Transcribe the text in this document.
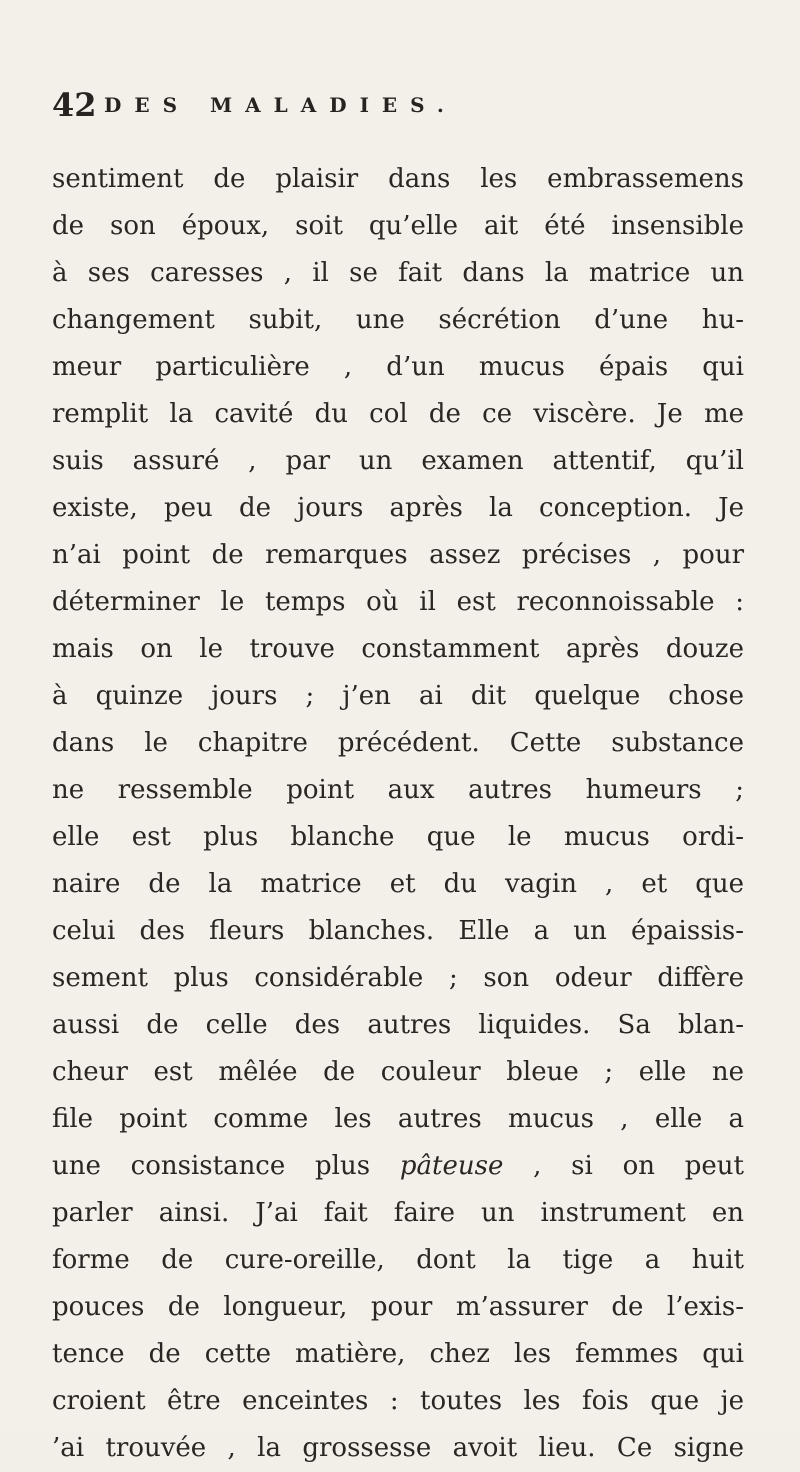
42 DES MALADIES.
sentiment de plaisir dans les embrassemens
de son époux, soit qu’elle ait été insensible
à ses caresses , il se fait dans la matrice un
changement subit, une sécrétion d’une hu-
meur particulière , d’un mucus épais qui
remplit la cavité du col de ce viscère. Je me
suis assuré , par un examen attentif, qu’il
existe, peu de jours après la conception. Je
n’ai point de remarques assez précises , pour
déterminer le temps où il est reconnoissable :
mais on le trouve constamment après douze
à quinze jours ; j’en ai dit quelque chose
dans le chapitre précédent. Cette substance
ne ressemble point aux autres humeurs ;
elle est plus blanche que le mucus ordi-
naire de la matrice et du vagin , et que
celui des fleurs blanches. Elle a un épaissis-
sement plus considérable ; son odeur diffère
aussi de celle des autres liquides. Sa blan-
cheur est mêlée de couleur bleue ; elle ne
file point comme les autres mucus , elle a
une consistance plus pâteuse , si on peut
parler ainsi. J’ai fait faire un instrument en
forme de cure-oreille, dont la tige a huit
pouces de longueur, pour m’assurer de l’exis-
tence de cette matière, chez les femmes qui
croient être enceintes : toutes les fois que je
’ai trouvée , la grossesse avoit lieu. Ce signe
